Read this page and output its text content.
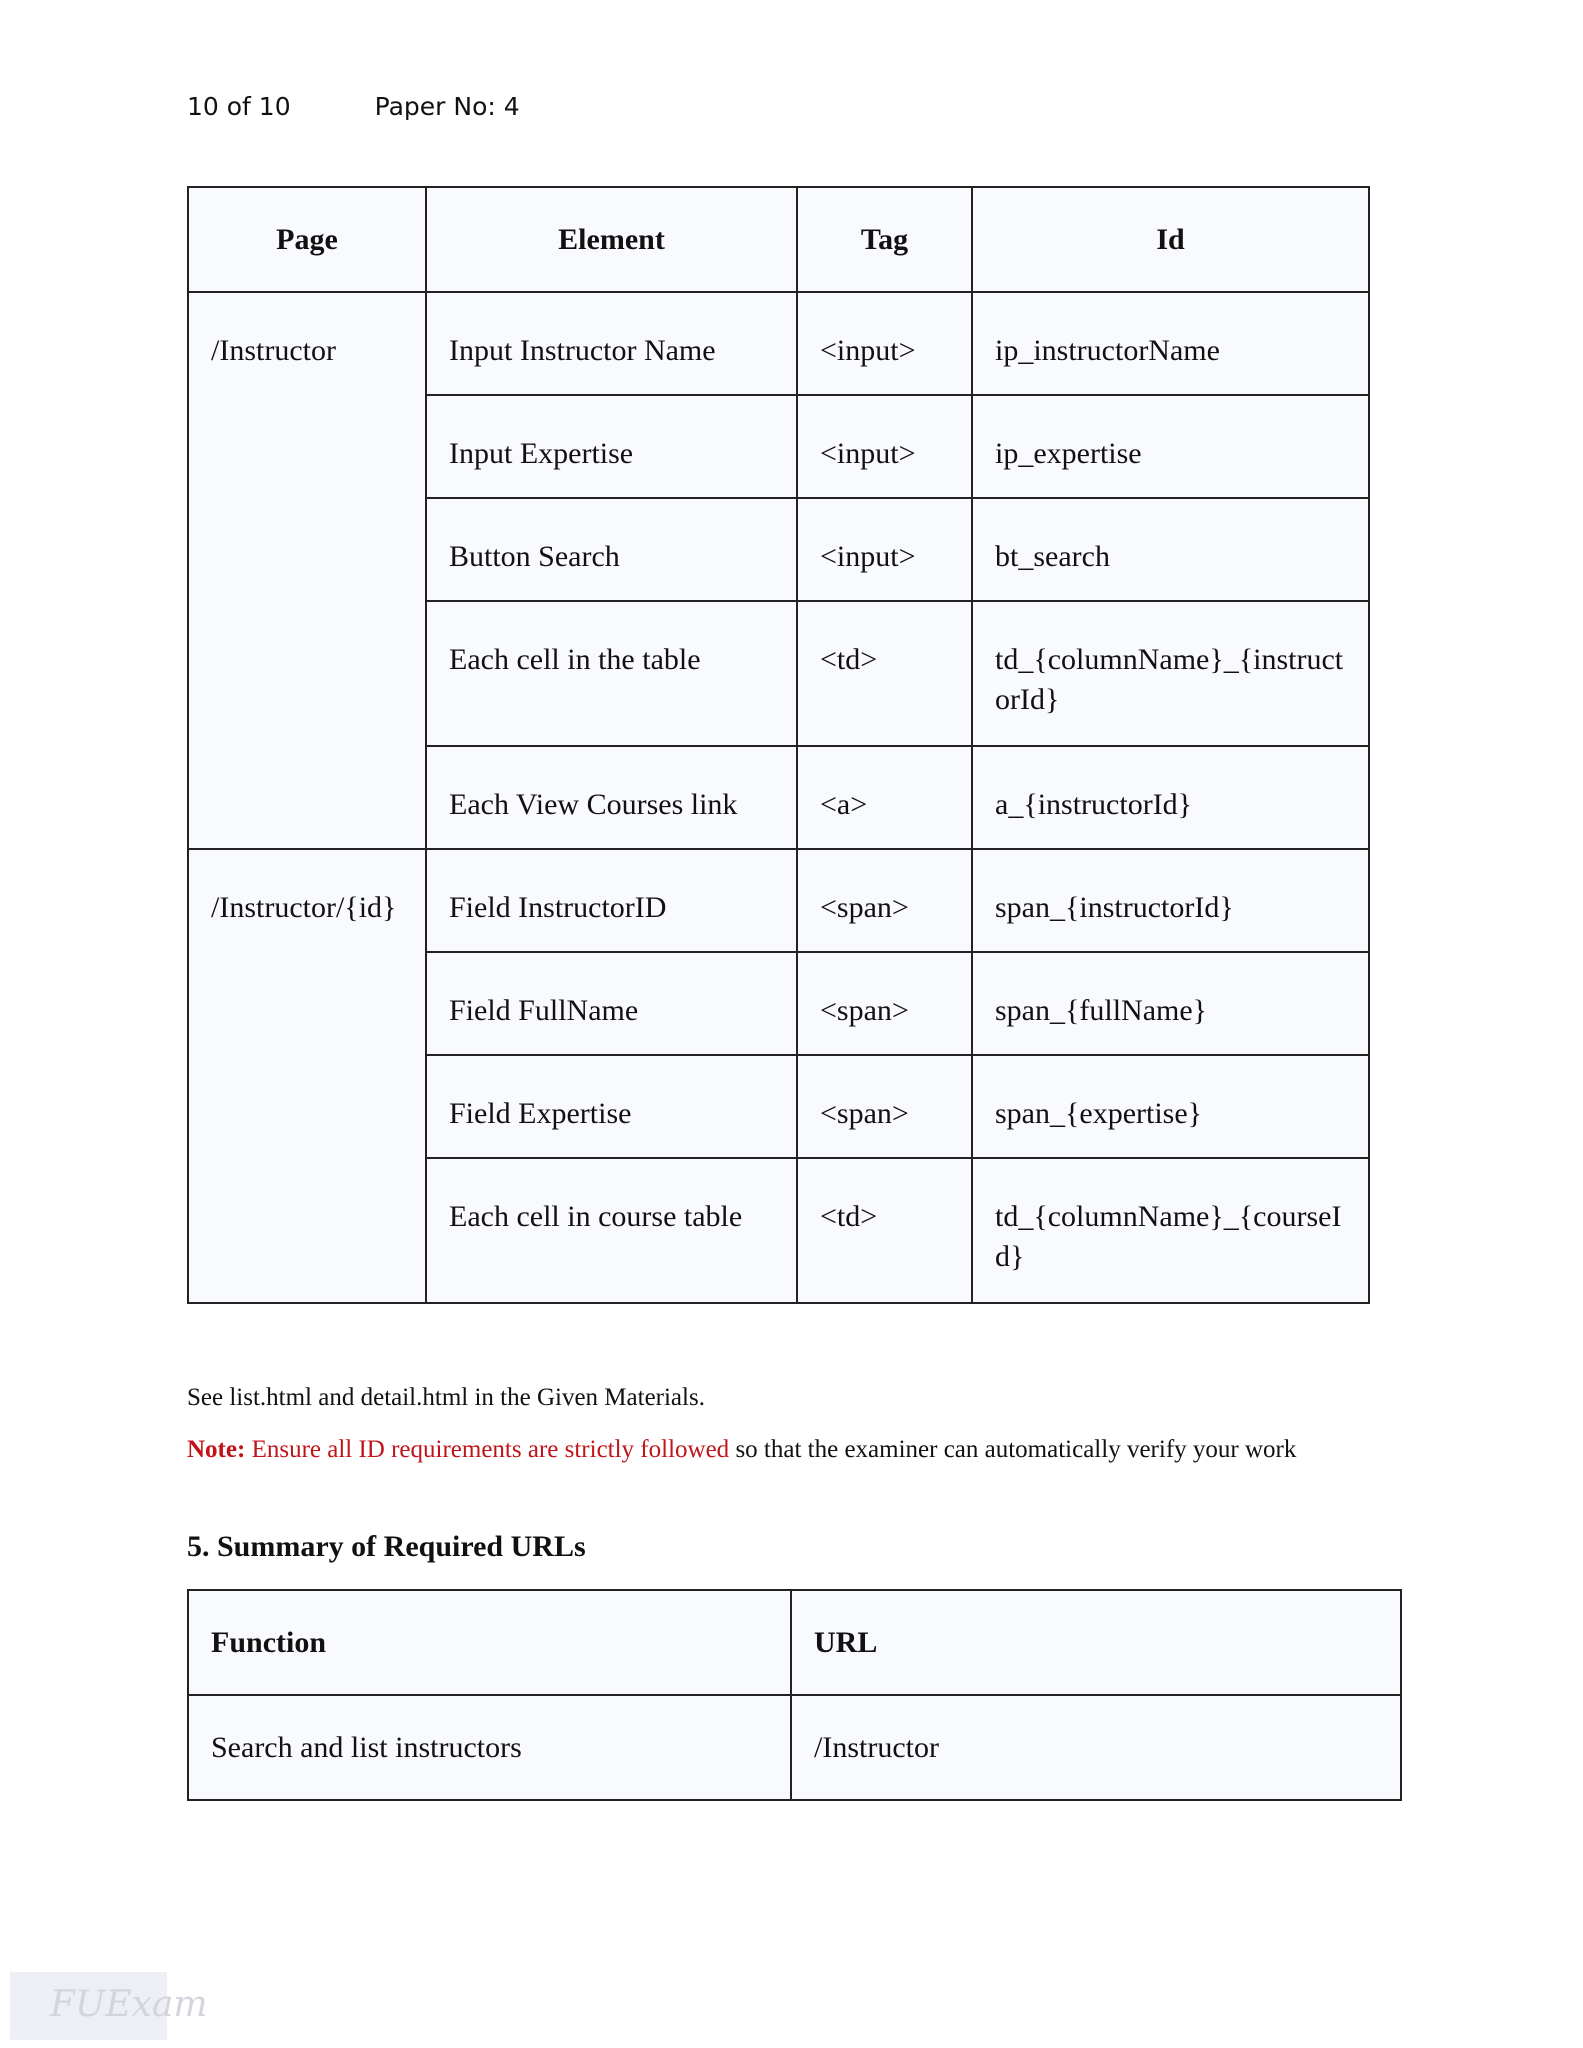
10 of 10	Paper No: 4
Page	Element	Tag	Id
/Instructor	Input Instructor Name	<input>	ip_instructorName
	Input Expertise	<input>	ip_expertise
	Button Search	<input>	bt_search
	Each cell in the table	<td>	td_{columnName}_{instructorId}
	Each View Courses link	<a>	a_{instructorId}
/Instructor/{id}	Field InstructorID	<span>	span_{instructorId}
	Field FullName	<span>	span_{fullName}
	Field Expertise	<span>	span_{expertise}
	Each cell in course table	<td>	td_{columnName}_{courseId}
See list.html and detail.html in the Given Materials.
Note: Ensure all ID requirements are strictly followed so that the examiner can automatically verify your work
5. Summary of Required URLs
Function	URL
Search and list instructors	/Instructor
FUExam
